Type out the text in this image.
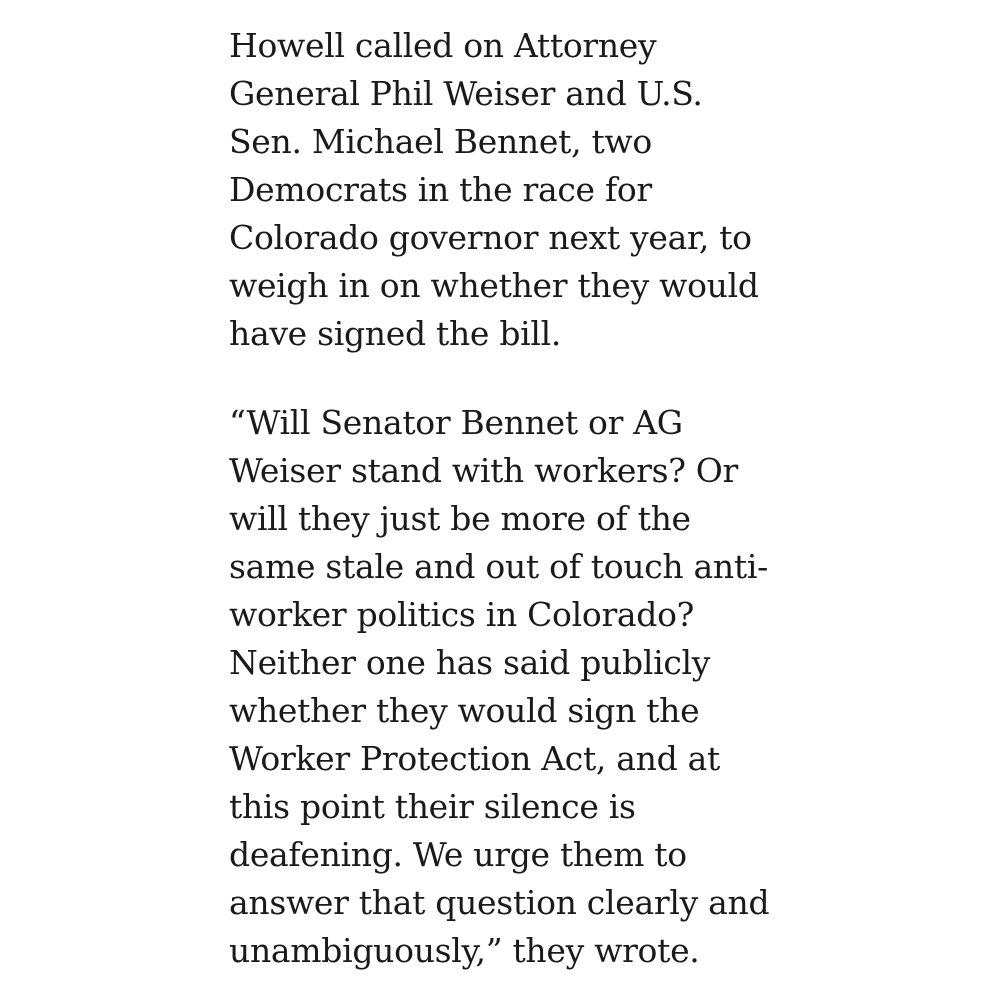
Howell called on Attorney
General Phil Weiser and U.S.
Sen. Michael Bennet, two
Democrats in the race for
Colorado governor next year, to
weigh in on whether they would
have signed the bill.

“Will Senator Bennet or AG
Weiser stand with workers? Or
will they just be more of the
same stale and out of touch anti-
worker politics in Colorado?
Neither one has said publicly
whether they would sign the
Worker Protection Act, and at
this point their silence is
deafening. We urge them to
answer that question clearly and
unambiguously,” they wrote.
